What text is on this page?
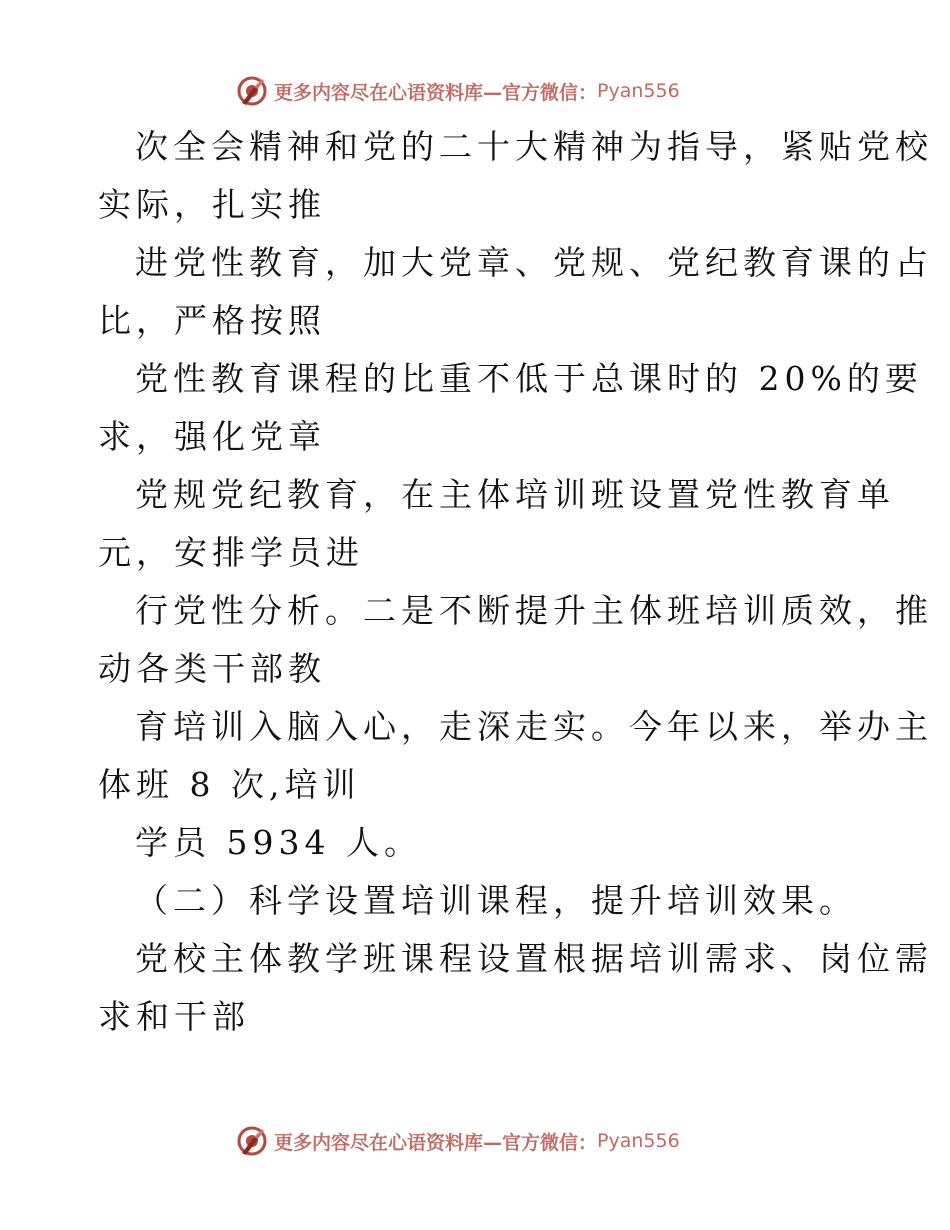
更多内容尽在心语资料库—官方微信： Pyan556
次全会精神和党的二十大精神为指导，紧贴党校
实际，扎实推
进党性教育，加大党章、党规、党纪教育课的占
比，严格按照
党性教育课程的比重不低于总课时的 20%的要
求，强化党章
党规党纪教育，在主体培训班设置党性教育单
元，安排学员进
行党性分析。二是不断提升主体班培训质效，推
动各类干部教
育培训入脑入心，走深走实。今年以来，举办主
体班 8 次,培训
学员 5934 人。
（二）科学设置培训课程，提升培训效果。
党校主体教学班课程设置根据培训需求、岗位需
求和干部
更多内容尽在心语资料库—官方微信： Pyan556
